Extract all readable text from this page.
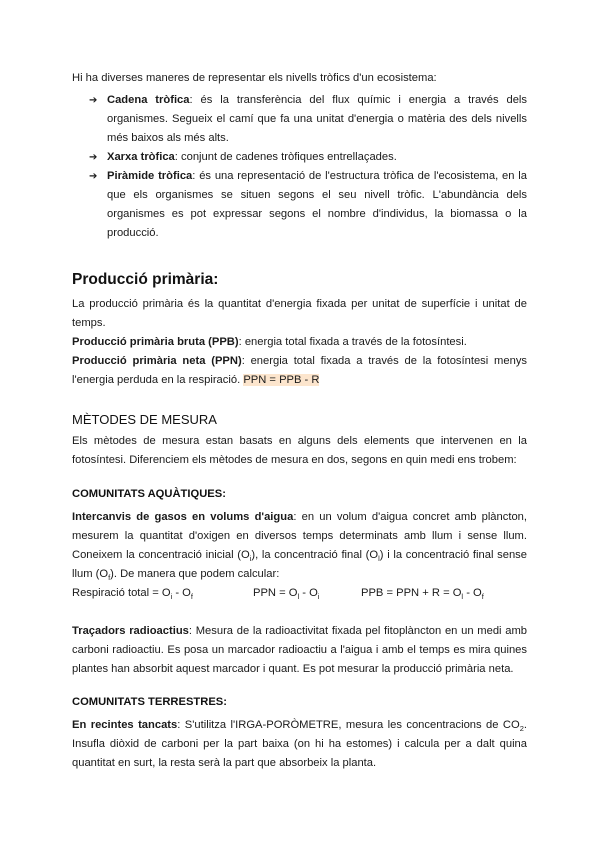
Hi ha diverses maneres de representar els nivells tròfics d'un ecosistema:
➔ Cadena tròfica: és la transferència del flux químic i energia a través dels organismes. Segueix el camí que fa una unitat d'energia o matèria des dels nivells més baixos als més alts.
➔ Xarxa tròfica: conjunt de cadenes tròfiques entrellaçades.
➔ Piràmide tròfica: és una representació de l'estructura tròfica de l'ecosistema, en la que els organismes se situen segons el seu nivell tròfic. L'abundància dels organismes es pot expressar segons el nombre d'individus, la biomassa o la producció.
Producció primària:
La producció primària és la quantitat d'energia fixada per unitat de superfície i unitat de temps.
Producció primària bruta (PPB): energia total fixada a través de la fotosíntesi.
Producció primària neta (PPN): energia total fixada a través de la fotosíntesi menys l'energia perduda en la respiració. PPN = PPB - R
MÈTODES DE MESURA
Els mètodes de mesura estan basats en alguns dels elements que intervenen en la fotosíntesi. Diferenciem els mètodes de mesura en dos, segons en quin medi ens trobem:
COMUNITATS AQUÀTIQUES:
Intercanvis de gasos en volums d'aigua: en un volum d'aigua concret amb plàncton, mesurem la quantitat d'oxigen en diversos temps determinats amb llum i sense llum. Coneixem la concentració inicial $(O_i)$, la concentració final $(O_l)$ i la concentració final sense llum $(O_f)$. De manera que podem calcular:
Respiració total = $O_i - O_f$	PPN = $O_l - O_i$	PPB = PPN + $R = O_l - O_f$
Traçadors radioactius: Mesura de la radioactivitat fixada pel fitoplàncton en un medi amb carboni radioactiu. Es posa un marcador radioactiu a l'aigua i amb el temps es mira quines plantes han absorbit aquest marcador i quant. Es pot mesurar la producció primària neta.
COMUNITATS TERRESTRES:
En recintes tancats: S'utilitza l'IRGA-PORÒMETRE, mesura les concentracions de $CO_2$. Insufla diòxid de carboni per la part baixa (on hi ha estomes) i calcula per a dalt quina quantitat en surt, la resta serà la part que absorbeix la planta.
